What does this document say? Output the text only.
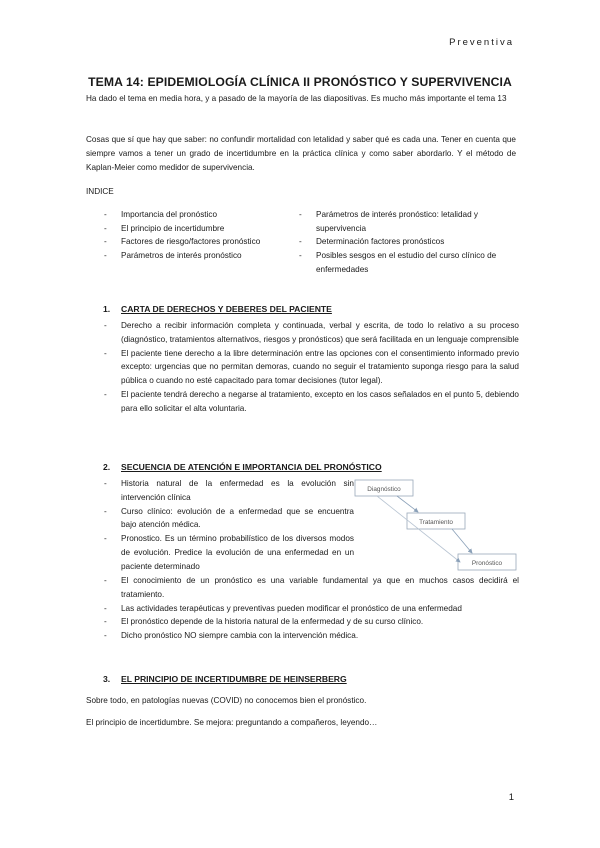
Preventiva
TEMA 14: EPIDEMIOLOGÍA CLÍNICA II PRONÓSTICO Y SUPERVIVENCIA

Ha dado el tema en media hora, y a pasado de la mayoría de las diapositivas. Es mucho más importante el tema 13

Cosas que sí que hay que saber: no confundir mortalidad con letalidad y saber qué es cada una. Tener en cuenta que siempre vamos a tener un grado de incertidumbre en la práctica clínica y como saber abordarlo. Y el método de Kaplan-Meier como medidor de supervivencia.

INDICE
- Importancia del pronóstico
- El principio de incertidumbre
- Factores de riesgo/factores pronóstico
- Parámetros de interés pronóstico
- Parámetros de interés pronóstico: letalidad y supervivencia
- Determinación factores pronósticos
- Posibles sesgos en el estudio del curso clínico de enfermedades
1. CARTA DE DERECHOS Y DEBERES DEL PACIENTE
- Derecho a recibir información completa y continuada, verbal y escrita, de todo lo relativo a su proceso (diagnóstico, tratamientos alternativos, riesgos y pronósticos) que será facilitada en un lenguaje comprensible
- El paciente tiene derecho a la libre determinación entre las opciones con el consentimiento informado previo excepto: urgencias que no permitan demoras, cuando no seguir el tratamiento suponga riesgo para la salud pública o cuando no esté capacitado para tomar decisiones (tutor legal).
- El paciente tendrá derecho a negarse al tratamiento, excepto en los casos señalados en el punto 5, debiendo para ello solicitar el alta voluntaria.
2. SECUENCIA DE ATENCIÓN E IMPORTANCIA DEL PRONÓSTICO
- Historia natural de la enfermedad es la evolución sin intervención clínica
- Curso clínico: evolución de a enfermedad que se encuentra bajo atención médica.
- Pronostico. Es un término probabilístico de los diversos modos de evolución. Predice la evolución de una enfermedad en un paciente determinado
- El conocimiento de un pronóstico es una variable fundamental ya que en muchos casos decidirá el tratamiento.
- Las actividades terapéuticas y preventivas pueden modificar el pronóstico de una enfermedad
- El pronóstico depende de la historia natural de la enfermedad y de su curso clínico.
- Dicho pronóstico NO siempre cambia con la intervención médica.
Diagnóstico
Tratamiento
Pronóstico
3. EL PRINCIPIO DE INCERTIDUMBRE DE HEINSERBERG

Sobre todo, en patologías nuevas (COVID) no conocemos bien el pronóstico.

El principio de incertidumbre. Se mejora: preguntando a compañeros, leyendo…

1
